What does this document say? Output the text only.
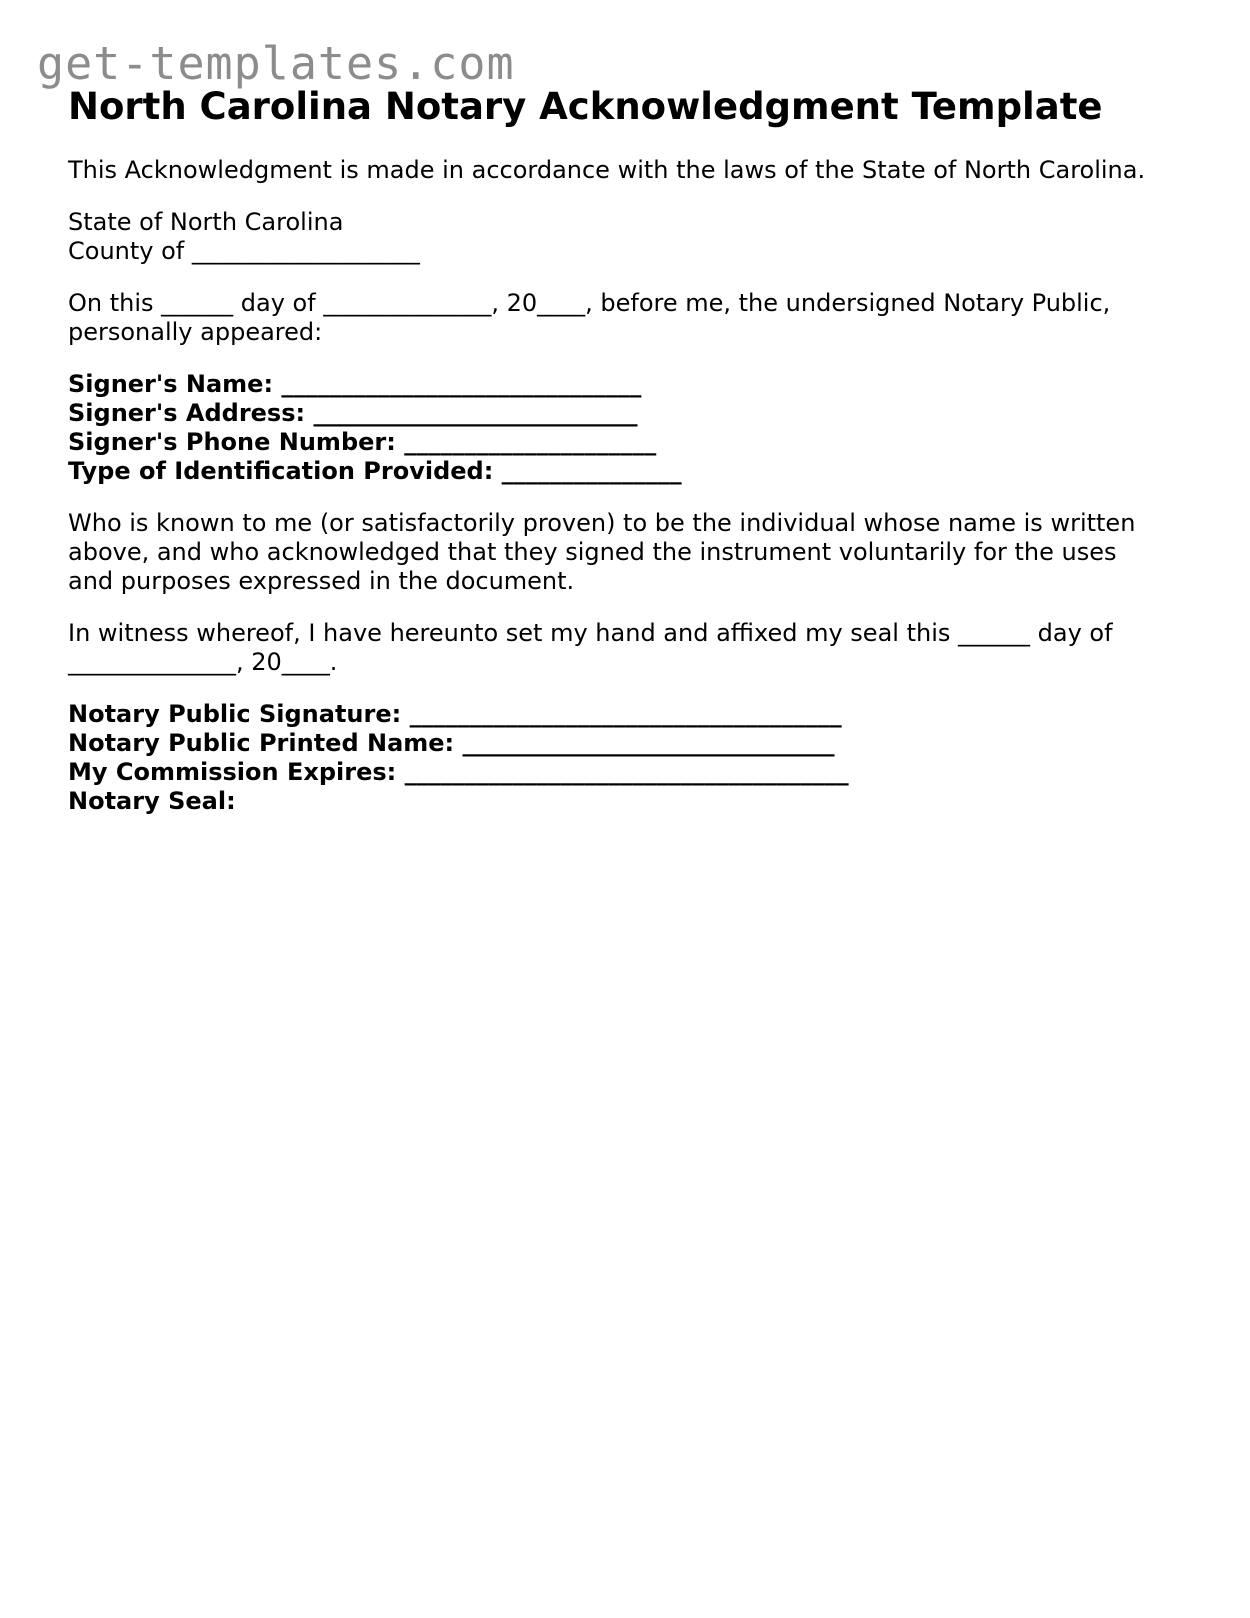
get-templates.com
North Carolina Notary Acknowledgment Template

This Acknowledgment is made in accordance with the laws of the State of North Carolina.

State of North Carolina
County of ___________________

On this ______ day of ______________, 20____, before me, the undersigned Notary Public,
personally appeared:

Signer's Name: ______________________________
Signer's Address: ___________________________
Signer's Phone Number: _____________________
Type of Identification Provided: _______________

Who is known to me (or satisfactorily proven) to be the individual whose name is written
above, and who acknowledged that they signed the instrument voluntarily for the uses
and purposes expressed in the document.

In witness whereof, I have hereunto set my hand and affixed my seal this ______ day of
______________, 20____.

Notary Public Signature: ____________________________________
Notary Public Printed Name: _______________________________
My Commission Expires: _____________________________________
Notary Seal:
